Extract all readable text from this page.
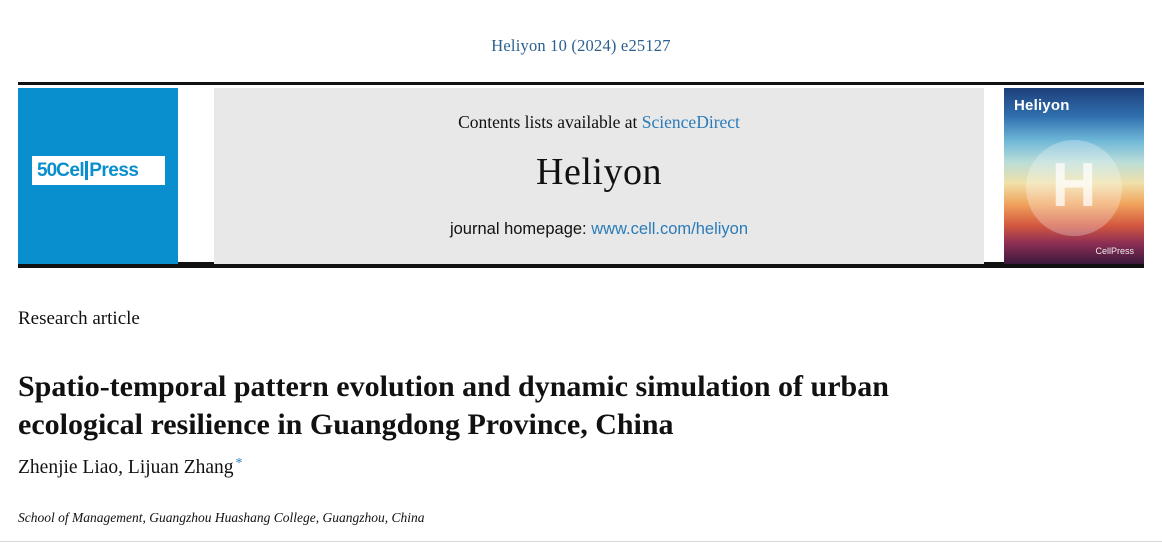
Heliyon 10 (2024) e25127
50 Cel Press
Contents lists available at ScienceDirect
Heliyon
journal homepage: www.cell.com/heliyon
Heliyon
H
CellPress
Research article
Spatio-temporal pattern evolution and dynamic simulation of urban ecological resilience in Guangdong Province, China
Zhenjie Liao, Lijuan Zhang *
School of Management, Guangzhou Huashang College, Guangzhou, China
